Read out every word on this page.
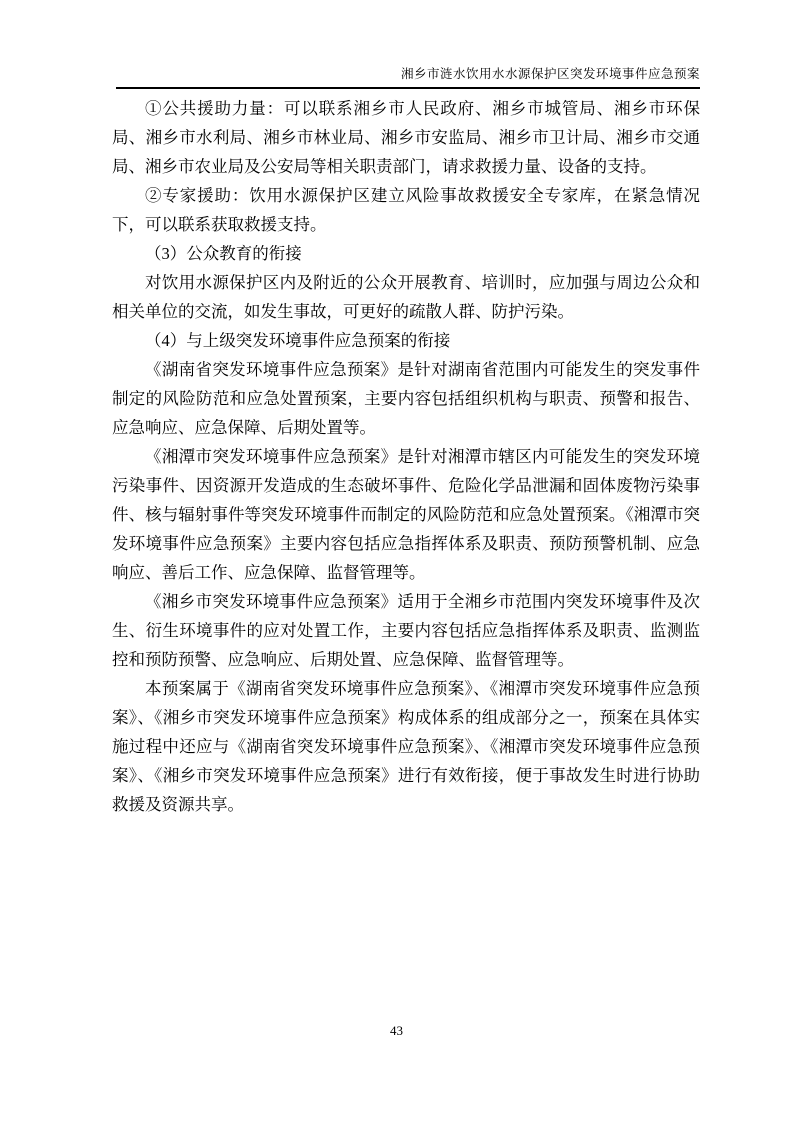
湘乡市涟水饮用水水源保护区突发环境事件应急预案

①公共援助力量：可以联系湘乡市人民政府、湘乡市城管局、湘乡市环保局、湘乡市水利局、湘乡市林业局、湘乡市安监局、湘乡市卫计局、湘乡市交通局、湘乡市农业局及公安局等相关职责部门，请求救援力量、设备的支持。

②专家援助：饮用水源保护区建立风险事故救援安全专家库，在紧急情况下，可以联系获取救援支持。

（3）公众教育的衔接

对饮用水源保护区内及附近的公众开展教育、培训时，应加强与周边公众和相关单位的交流，如发生事故，可更好的疏散人群、防护污染。

（4）与上级突发环境事件应急预案的衔接

《湖南省突发环境事件应急预案》是针对湖南省范围内可能发生的突发事件制定的风险防范和应急处置预案，主要内容包括组织机构与职责、预警和报告、应急响应、应急保障、后期处置等。

《湘潭市突发环境事件应急预案》是针对湘潭市辖区内可能发生的突发环境污染事件、因资源开发造成的生态破坏事件、危险化学品泄漏和固体废物污染事件、核与辐射事件等突发环境事件而制定的风险防范和应急处置预案。《湘潭市突发环境事件应急预案》主要内容包括应急指挥体系及职责、预防预警机制、应急响应、善后工作、应急保障、监督管理等。

《湘乡市突发环境事件应急预案》适用于全湘乡市范围内突发环境事件及次生、衍生环境事件的应对处置工作，主要内容包括应急指挥体系及职责、监测监控和预防预警、应急响应、后期处置、应急保障、监督管理等。

本预案属于《湖南省突发环境事件应急预案》、《湘潭市突发环境事件应急预案》、《湘乡市突发环境事件应急预案》构成体系的组成部分之一，预案在具体实施过程中还应与《湖南省突发环境事件应急预案》、《湘潭市突发环境事件应急预案》、《湘乡市突发环境事件应急预案》进行有效衔接，便于事故发生时进行协助救援及资源共享。

43
